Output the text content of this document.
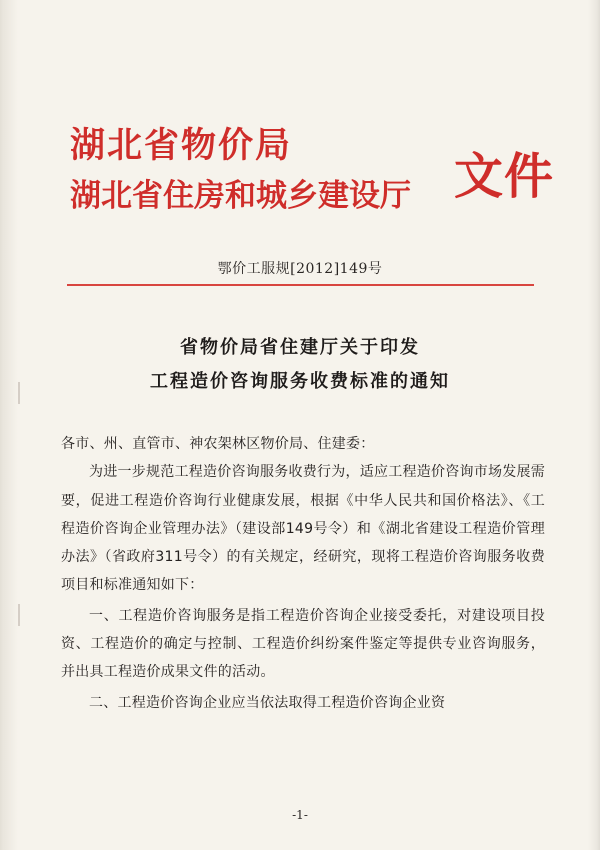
湖北省物价局
湖北省住房和城乡建设厅 文件
鄂价工服规[2012]149号
省物价局省住建厅关于印发
工程造价咨询服务收费标准的通知

各市、州、直管市、神农架林区物价局、住建委：

为进一步规范工程造价咨询服务收费行为，适应工程造价咨询市场发展需要，促进工程造价咨询行业健康发展，根据《中华人民共和国价格法》、《工程造价咨询企业管理办法》（建设部149号令）和《湖北省建设工程造价管理办法》（省政府311号令）的有关规定，经研究，现将工程造价咨询服务收费项目和标准通知如下：

一、工程造价咨询服务是指工程造价咨询企业接受委托，对建设项目投资、工程造价的确定与控制、工程造价纠纷案件鉴定等提供专业咨询服务，并出具工程造价成果文件的活动。

二、工程造价咨询企业应当依法取得工程造价咨询企业资

-1-
